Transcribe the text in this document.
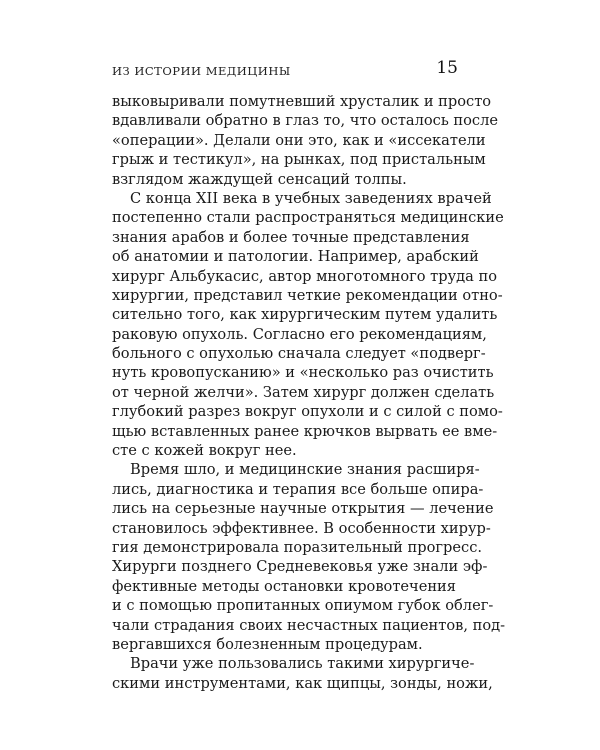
ИЗ ИСТОРИИ МЕДИЦИНЫ	15
выковыривали помутневший хрусталик и просто
вдавливали обратно в глаз то, что осталось после
«операции». Делали они это, как и «иссекатели
грыж и тестикул», на рынках, под пристальным
взглядом жаждущей сенсаций толпы.
С конца XII века в учебных заведениях врачей
постепенно стали распространяться медицинские
знания арабов и более точные представления
об анатомии и патологии. Например, арабский
хирург Альбукасис, автор многотомного труда по
хирургии, представил четкие рекомендации отно-
сительно того, как хирургическим путем удалить
раковую опухоль. Согласно его рекомендациям,
больного с опухолью сначала следует «подверг-
нуть кровопусканию» и «несколько раз очистить
от черной желчи». Затем хирург должен сделать
глубокий разрез вокруг опухоли и с силой с помо-
щью вставленных ранее крючков вырвать ее вме-
сте с кожей вокруг нее.
Время шло, и медицинские знания расширя-
лись, диагностика и терапия все больше опира-
лись на серьезные научные открытия — лечение
становилось эффективнее. В особенности хирур-
гия демонстрировала поразительный прогресс.
Хирурги позднего Средневековья уже знали эф-
фективные методы остановки кровотечения
и с помощью пропитанных опиумом губок облег-
чали страдания своих несчастных пациентов, под-
вергавшихся болезненным процедурам.
Врачи уже пользовались такими хирургиче-
скими инструментами, как щипцы, зонды, ножи,
